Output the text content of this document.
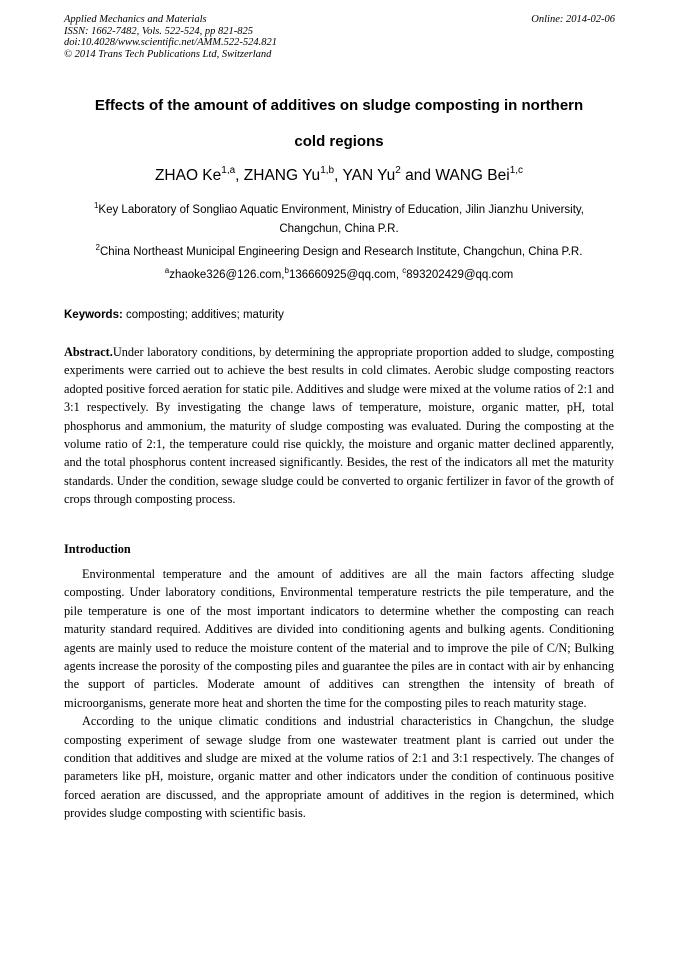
Applied Mechanics and Materials
ISSN: 1662-7482, Vols. 522-524, pp 821-825
doi:10.4028/www.scientific.net/AMM.522-524.821
© 2014 Trans Tech Publications Ltd, Switzerland
Online: 2014-02-06
Effects of the amount of additives on sludge composting in northern
cold regions
ZHAO Ke$^{1,a}$, ZHANG Yu$^{1,b}$, YAN Yu$^2$ and WANG Bei$^{1,c}$
$^1$Key Laboratory of Songliao Aquatic Environment, Ministry of Education, Jilin Jianzhu University, Changchun, China P.R.
$^2$China Northeast Municipal Engineering Design and Research Institute, Changchun, China P.R.
$^a$zhaoke326@126.com,$^b$136660925@qq.com, $^c$893202429@qq.com
Keywords: composting; additives; maturity
Abstract.Under laboratory conditions, by determining the appropriate proportion added to sludge, composting experiments were carried out to achieve the best results in cold climates. Aerobic sludge composting reactors adopted positive forced aeration for static pile. Additives and sludge were mixed at the volume ratios of 2:1 and 3:1 respectively. By investigating the change laws of temperature, moisture, organic matter, pH, total phosphorus and ammonium, the maturity of sludge composting was evaluated. During the composting at the volume ratio of 2:1, the temperature could rise quickly, the moisture and organic matter declined apparently, and the total phosphorus content increased significantly. Besides, the rest of the indicators all met the maturity standards. Under the condition, sewage sludge could be converted to organic fertilizer in favor of the growth of crops through composting process.
Introduction

Environmental temperature and the amount of additives are all the main factors affecting sludge composting. Under laboratory conditions, Environmental temperature restricts the pile temperature, and the pile temperature is one of the most important indicators to determine whether the composting can reach maturity standard required. Additives are divided into conditioning agents and bulking agents. Conditioning agents are mainly used to reduce the moisture content of the material and to improve the pile of C/N; Bulking agents increase the porosity of the composting piles and guarantee the piles are in contact with air by enhancing the support of particles. Moderate amount of additives can strengthen the intensity of breath of microorganisms, generate more heat and shorten the time for the composting piles to reach maturity stage.

According to the unique climatic conditions and industrial characteristics in Changchun, the sludge composting experiment of sewage sludge from one wastewater treatment plant is carried out under the condition that additives and sludge are mixed at the volume ratios of 2:1 and 3:1 respectively. The changes of parameters like pH, moisture, organic matter and other indicators under the condition of continuous positive forced aeration are discussed, and the appropriate amount of additives in the region is determined, which provides sludge composting with scientific basis.
